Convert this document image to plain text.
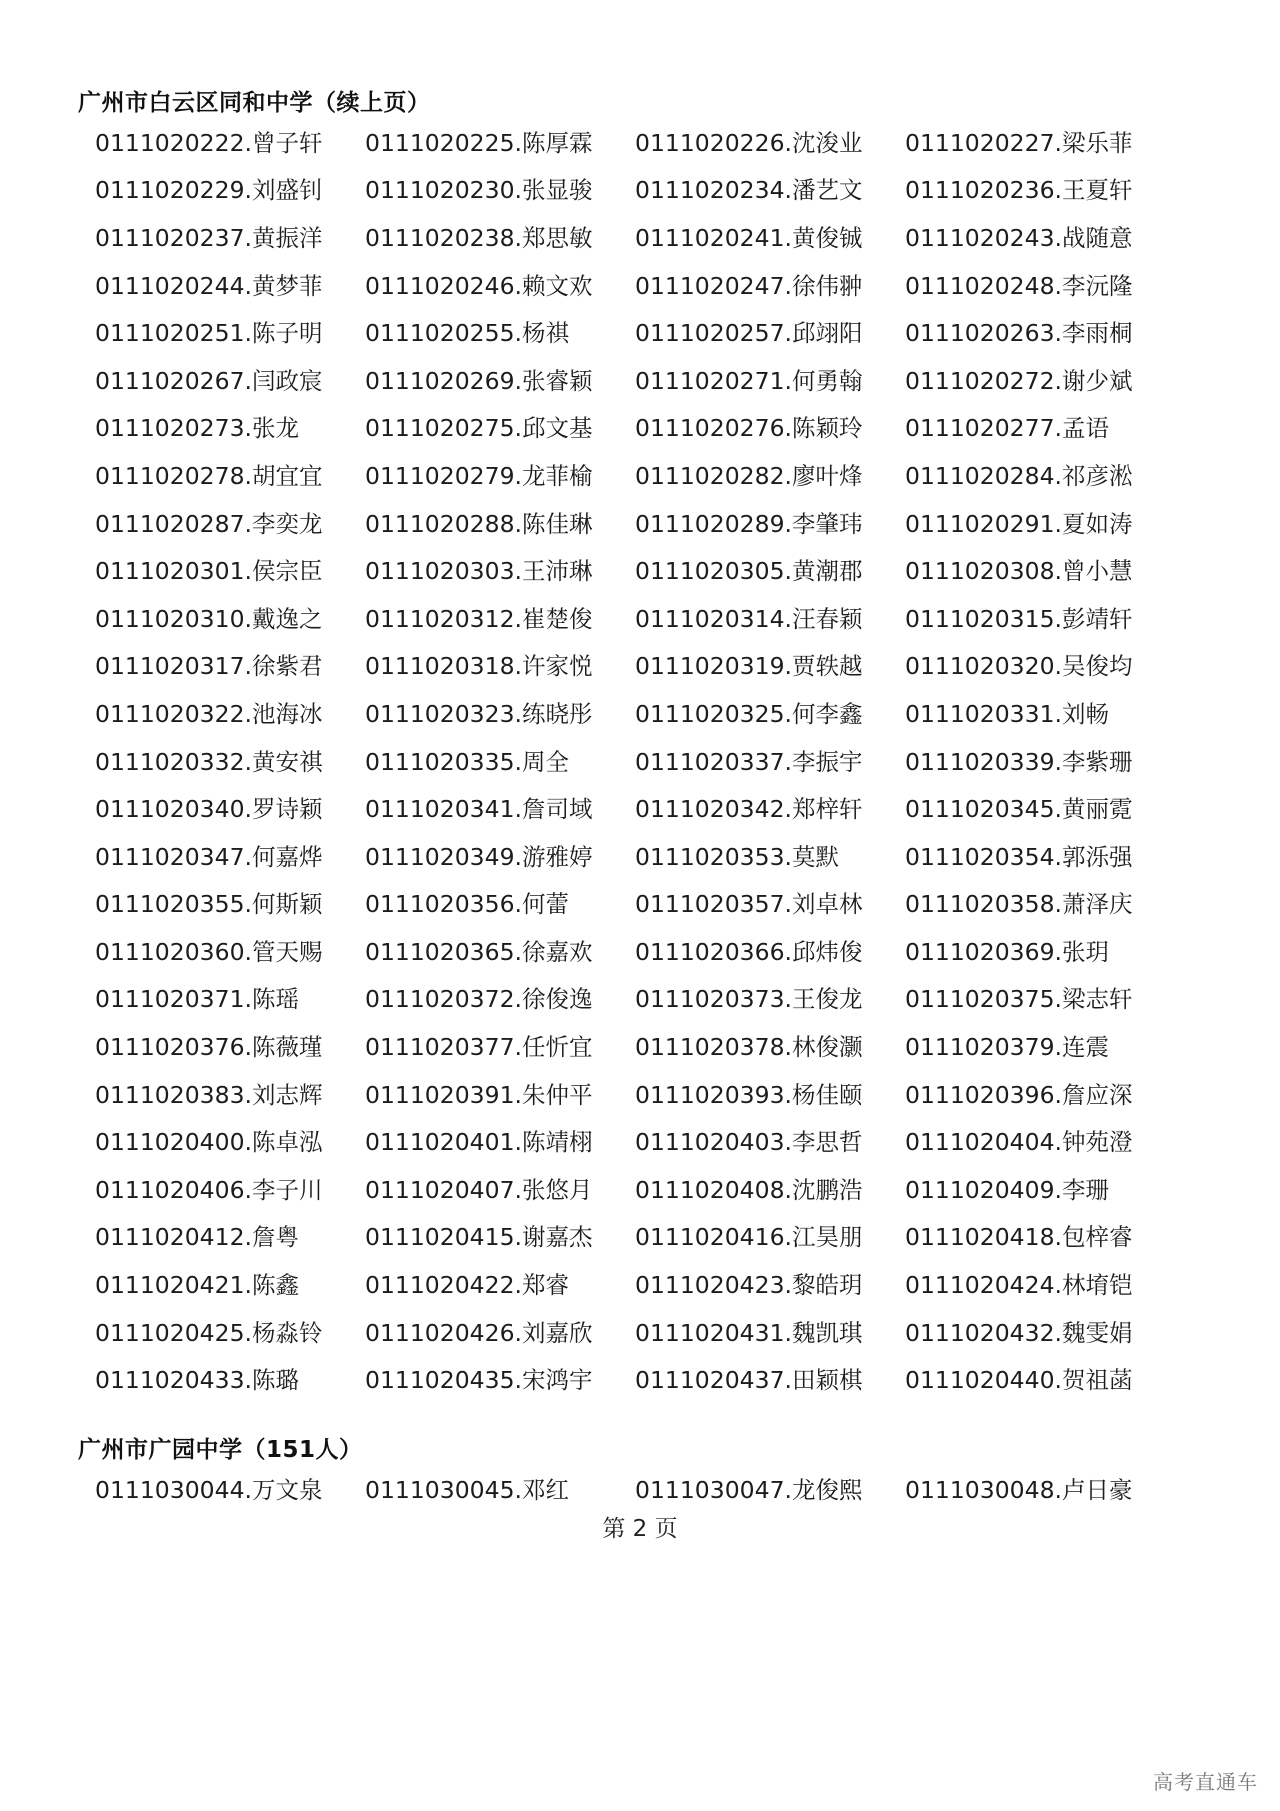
广州市白云区同和中学（续上页）
0111020222.曾子轩	0111020225.陈厚霖	0111020226.沈浚业	0111020227.梁乐菲
0111020229.刘盛钊	0111020230.张显骏	0111020234.潘艺文	0111020236.王夏轩
0111020237.黄振洋	0111020238.郑思敏	0111020241.黄俊铖	0111020243.战随意
0111020244.黄梦菲	0111020246.赖文欢	0111020247.徐伟翀	0111020248.李沅隆
0111020251.陈子明	0111020255.杨祺	0111020257.邱翊阳	0111020263.李雨桐
0111020267.闫政宸	0111020269.张睿颖	0111020271.何勇翰	0111020272.谢少斌
0111020273.张龙	0111020275.邱文基	0111020276.陈颖玲	0111020277.孟语
0111020278.胡宜宜	0111020279.龙菲榆	0111020282.廖叶烽	0111020284.祁彦淞
0111020287.李奕龙	0111020288.陈佳琳	0111020289.李肇玮	0111020291.夏如涛
0111020301.侯宗臣	0111020303.王沛琳	0111020305.黄潮郡	0111020308.曾小慧
0111020310.戴逸之	0111020312.崔楚俊	0111020314.汪春颖	0111020315.彭靖轩
0111020317.徐紫君	0111020318.许家悦	0111020319.贾轶越	0111020320.吴俊均
0111020322.池海冰	0111020323.练晓彤	0111020325.何李鑫	0111020331.刘畅
0111020332.黄安祺	0111020335.周全	0111020337.李振宇	0111020339.李紫珊
0111020340.罗诗颖	0111020341.詹司域	0111020342.郑梓轩	0111020345.黄丽霓
0111020347.何嘉烨	0111020349.游雅婷	0111020353.莫默	0111020354.郭泺强
0111020355.何斯颖	0111020356.何蕾	0111020357.刘卓林	0111020358.萧泽庆
0111020360.管天赐	0111020365.徐嘉欢	0111020366.邱炜俊	0111020369.张玥
0111020371.陈瑶	0111020372.徐俊逸	0111020373.王俊龙	0111020375.梁志轩
0111020376.陈薇瑾	0111020377.任忻宜	0111020378.林俊灏	0111020379.连震
0111020383.刘志辉	0111020391.朱仲平	0111020393.杨佳颐	0111020396.詹应深
0111020400.陈卓泓	0111020401.陈靖栩	0111020403.李思哲	0111020404.钟苑澄
0111020406.李子川	0111020407.张悠月	0111020408.沈鹏浩	0111020409.李珊
0111020412.詹粤	0111020415.谢嘉杰	0111020416.江昊朋	0111020418.包梓睿
0111020421.陈鑫	0111020422.郑睿	0111020423.黎皓玥	0111020424.林堉铠
0111020425.杨淼铃	0111020426.刘嘉欣	0111020431.魏凯琪	0111020432.魏雯娟
0111020433.陈璐	0111020435.宋鸿宇	0111020437.田颖棋	0111020440.贺祖菡
广州市广园中学（151人）
0111030044.万文泉	0111030045.邓红	0111030047.龙俊熙	0111030048.卢日豪
第 2 页
高考直通车
